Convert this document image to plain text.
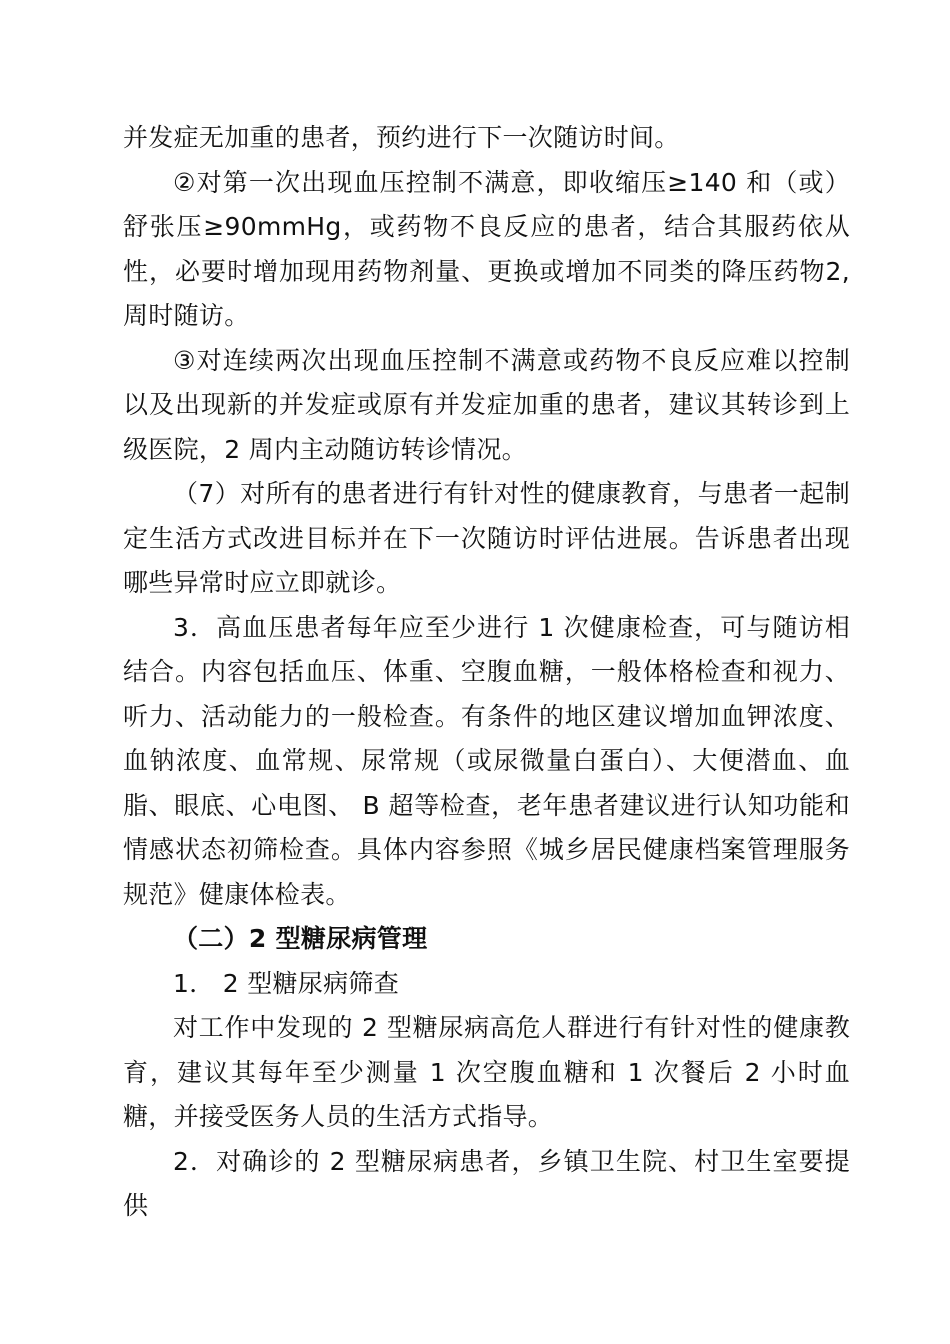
并发症无加重的患者，预约进行下一次随访时间。

②对第一次出现血压控制不满意，即收缩压≥140 和（或）舒张压≥90mmHg，或药物不良反应的患者，结合其服药依从性，必要时增加现用药物剂量、更换或增加不同类的降压药物2,周时随访。

③对连续两次出现血压控制不满意或药物不良反应难以控制以及出现新的并发症或原有并发症加重的患者，建议其转诊到上级医院，2 周内主动随访转诊情况。

（7）对所有的患者进行有针对性的健康教育，与患者一起制定生活方式改进目标并在下一次随访时评估进展。告诉患者出现哪些异常时应立即就诊。

3．高血压患者每年应至少进行 1 次健康检查，可与随访相结合。内容包括血压、体重、空腹血糖，一般体格检查和视力、听力、活动能力的一般检查。有条件的地区建议增加血钾浓度、血钠浓度、血常规、尿常规（或尿微量白蛋白）、大便潜血、血脂、眼底、心电图、 B 超等检查，老年患者建议进行认知功能和情感状态初筛检查。具体内容参照《城乡居民健康档案管理服务规范》健康体检表。

（二）2 型糖尿病管理

1． 2 型糖尿病筛查

对工作中发现的 2 型糖尿病高危人群进行有针对性的健康教育，建议其每年至少测量 1 次空腹血糖和 1 次餐后 2 小时血糖，并接受医务人员的生活方式指导。

2．对确诊的 2 型糖尿病患者，乡镇卫生院、村卫生室要提供
